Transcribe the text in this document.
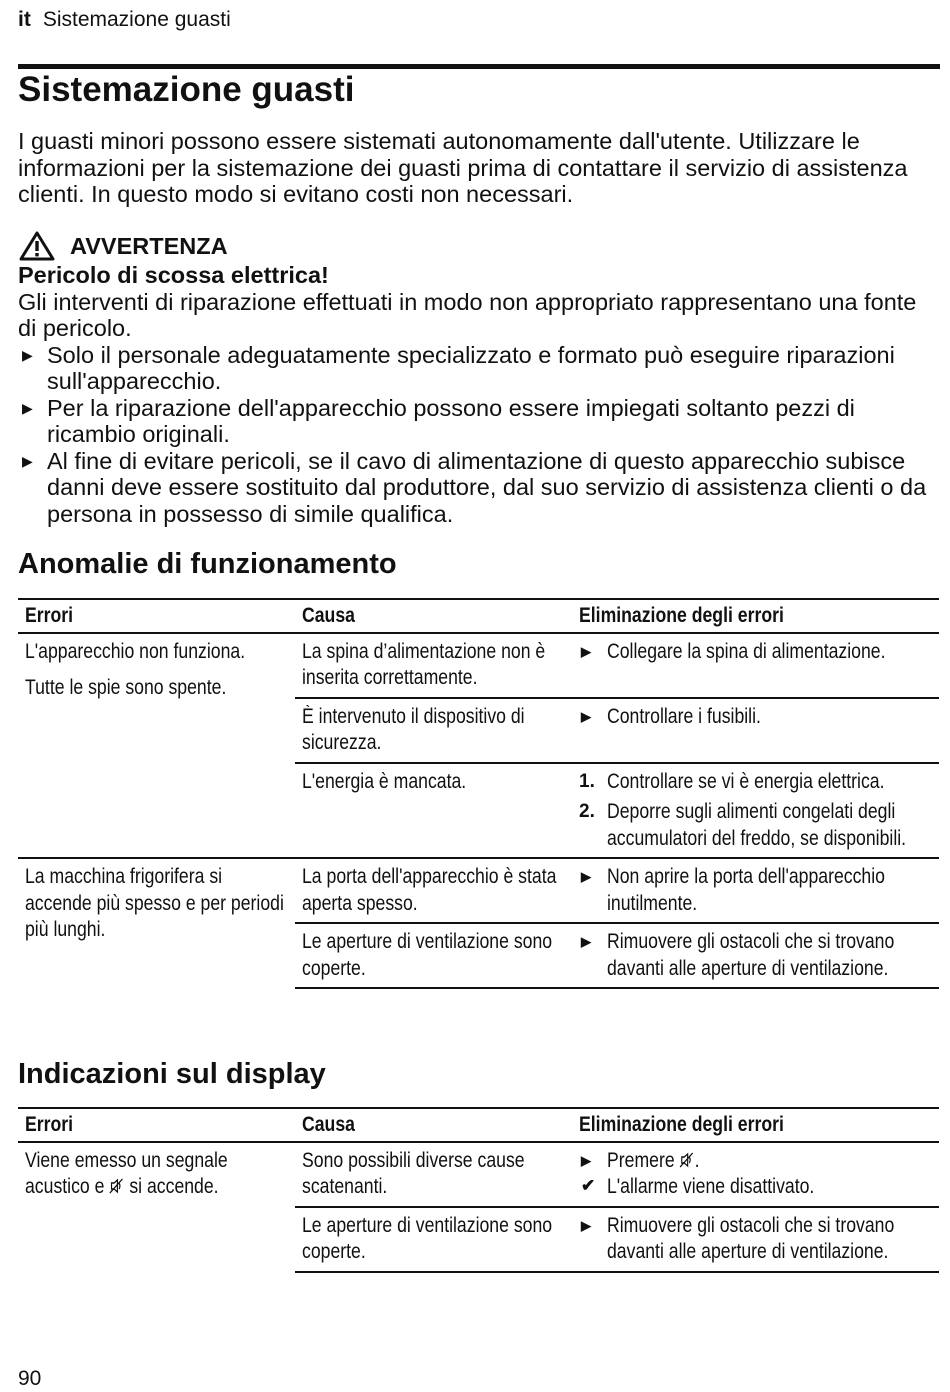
it Sistemazione guasti
Sistemazione guasti

I guasti minori possono essere sistemati autonomamente dall'utente. Utilizzare le informazioni per la sistemazione dei guasti prima di contattare il servizio di assistenza clienti. In questo modo si evitano costi non necessari.

AVVERTENZA
Pericolo di scossa elettrica!
Gli interventi di riparazione effettuati in modo non appropriato rappresentano una fonte di pericolo.
▶ Solo il personale adeguatamente specializzato e formato può eseguire riparazioni sull'apparecchio.
▶ Per la riparazione dell'apparecchio possono essere impiegati soltanto pezzi di ricambio originali.
▶ Al fine di evitare pericoli, se il cavo di alimentazione di questo apparecchio subisce danni deve essere sostituito dal produttore, dal suo servizio di assistenza clienti o da persona in possesso di simile qualifica.
Anomalie di funzionamento
Errori	Causa	Eliminazione degli errori
L'apparecchio non funziona.
Tutte le spie sono spente.	La spina d’alimentazione non è inserita correttamente.	▶ Collegare la spina di alimentazione.

	È intervenuto il dispositivo di sicurezza.	▶ Controllare i fusibili.

	L'energia è mancata.	1. Controllare se vi è energia elettrica.
2. Deporre sugli alimenti congelati degli accumulatori del freddo, se disponibili.

La macchina frigorifera si accende più spesso e per periodi più lunghi.	La porta dell'apparecchio è stata aperta spesso.	▶ Non aprire la porta dell'apparecchio inutilmente.

	Le aperture di ventilazione sono coperte.	▶ Rimuovere gli ostacoli che si trovano davanti alle aperture di ventilazione.
Indicazioni sul display
Errori	Causa	Eliminazione degli errori
Viene emesso un segnale acustico e  si accende.	Sono possibili diverse cause scatenanti.	▶ Premere .
✔ L'allarme viene disattivato.

	Le aperture di ventilazione sono coperte.	▶ Rimuovere gli ostacoli che si trovano davanti alle aperture di ventilazione.
90
